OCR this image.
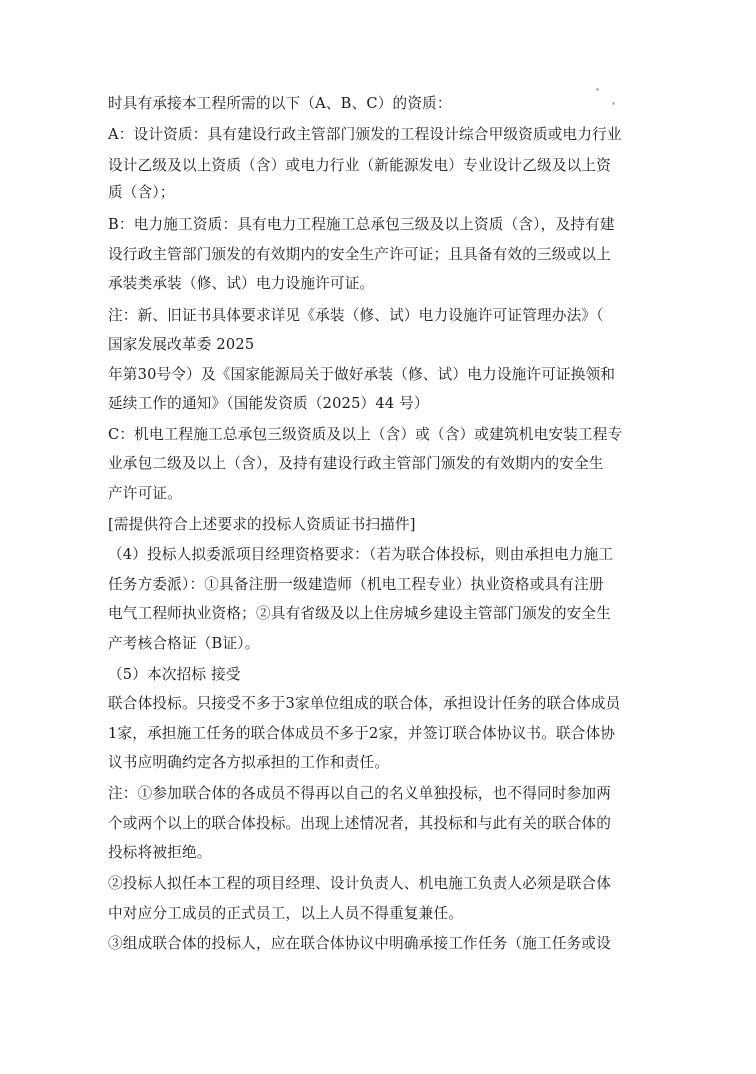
时具有承接本工程所需的以下（A、B、C）的资质：
A：设计资质：具有建设行政主管部门颁发的工程设计综合甲级资质或电力行业
设计乙级及以上资质（含）或电力行业（新能源发电）专业设计乙级及以上资
质（含）；
B：电力施工资质：具有电力工程施工总承包三级及以上资质（含），及持有建
设行政主管部门颁发的有效期内的安全生产许可证；且具备有效的三级或以上
承装类承装（修、试）电力设施许可证。
注：新、旧证书具体要求详见《承装（修、试）电力设施许可证管理办法》（
国家发展改革委 2025
年第30号令）及《国家能源局关于做好承装（修、试）电力设施许可证换领和
延续工作的通知》（国能发资质（2025）44 号）
C：机电工程施工总承包三级资质及以上（含）或（含）或建筑机电安装工程专
业承包二级及以上（含），及持有建设行政主管部门颁发的有效期内的安全生
产许可证。
[需提供符合上述要求的投标人资质证书扫描件]
（4）投标人拟委派项目经理资格要求：（若为联合体投标，则由承担电力施工
任务方委派）：①具备注册一级建造师（机电工程专业）执业资格或具有注册
电气工程师执业资格；②具有省级及以上住房城乡建设主管部门颁发的安全生
产考核合格证（B证）。
（5）本次招标 接受
联合体投标。只接受不多于3家单位组成的联合体，承担设计任务的联合体成员
1家，承担施工任务的联合体成员不多于2家，并签订联合体协议书。联合体协
议书应明确约定各方拟承担的工作和责任。
注：①参加联合体的各成员不得再以自己的名义单独投标，也不得同时参加两
个或两个以上的联合体投标。出现上述情况者，其投标和与此有关的联合体的
投标将被拒绝。
②投标人拟任本工程的项目经理、设计负责人、机电施工负责人必须是联合体
中对应分工成员的正式员工，以上人员不得重复兼任。
③组成联合体的投标人，应在联合体协议中明确承接工作任务（施工任务或设
